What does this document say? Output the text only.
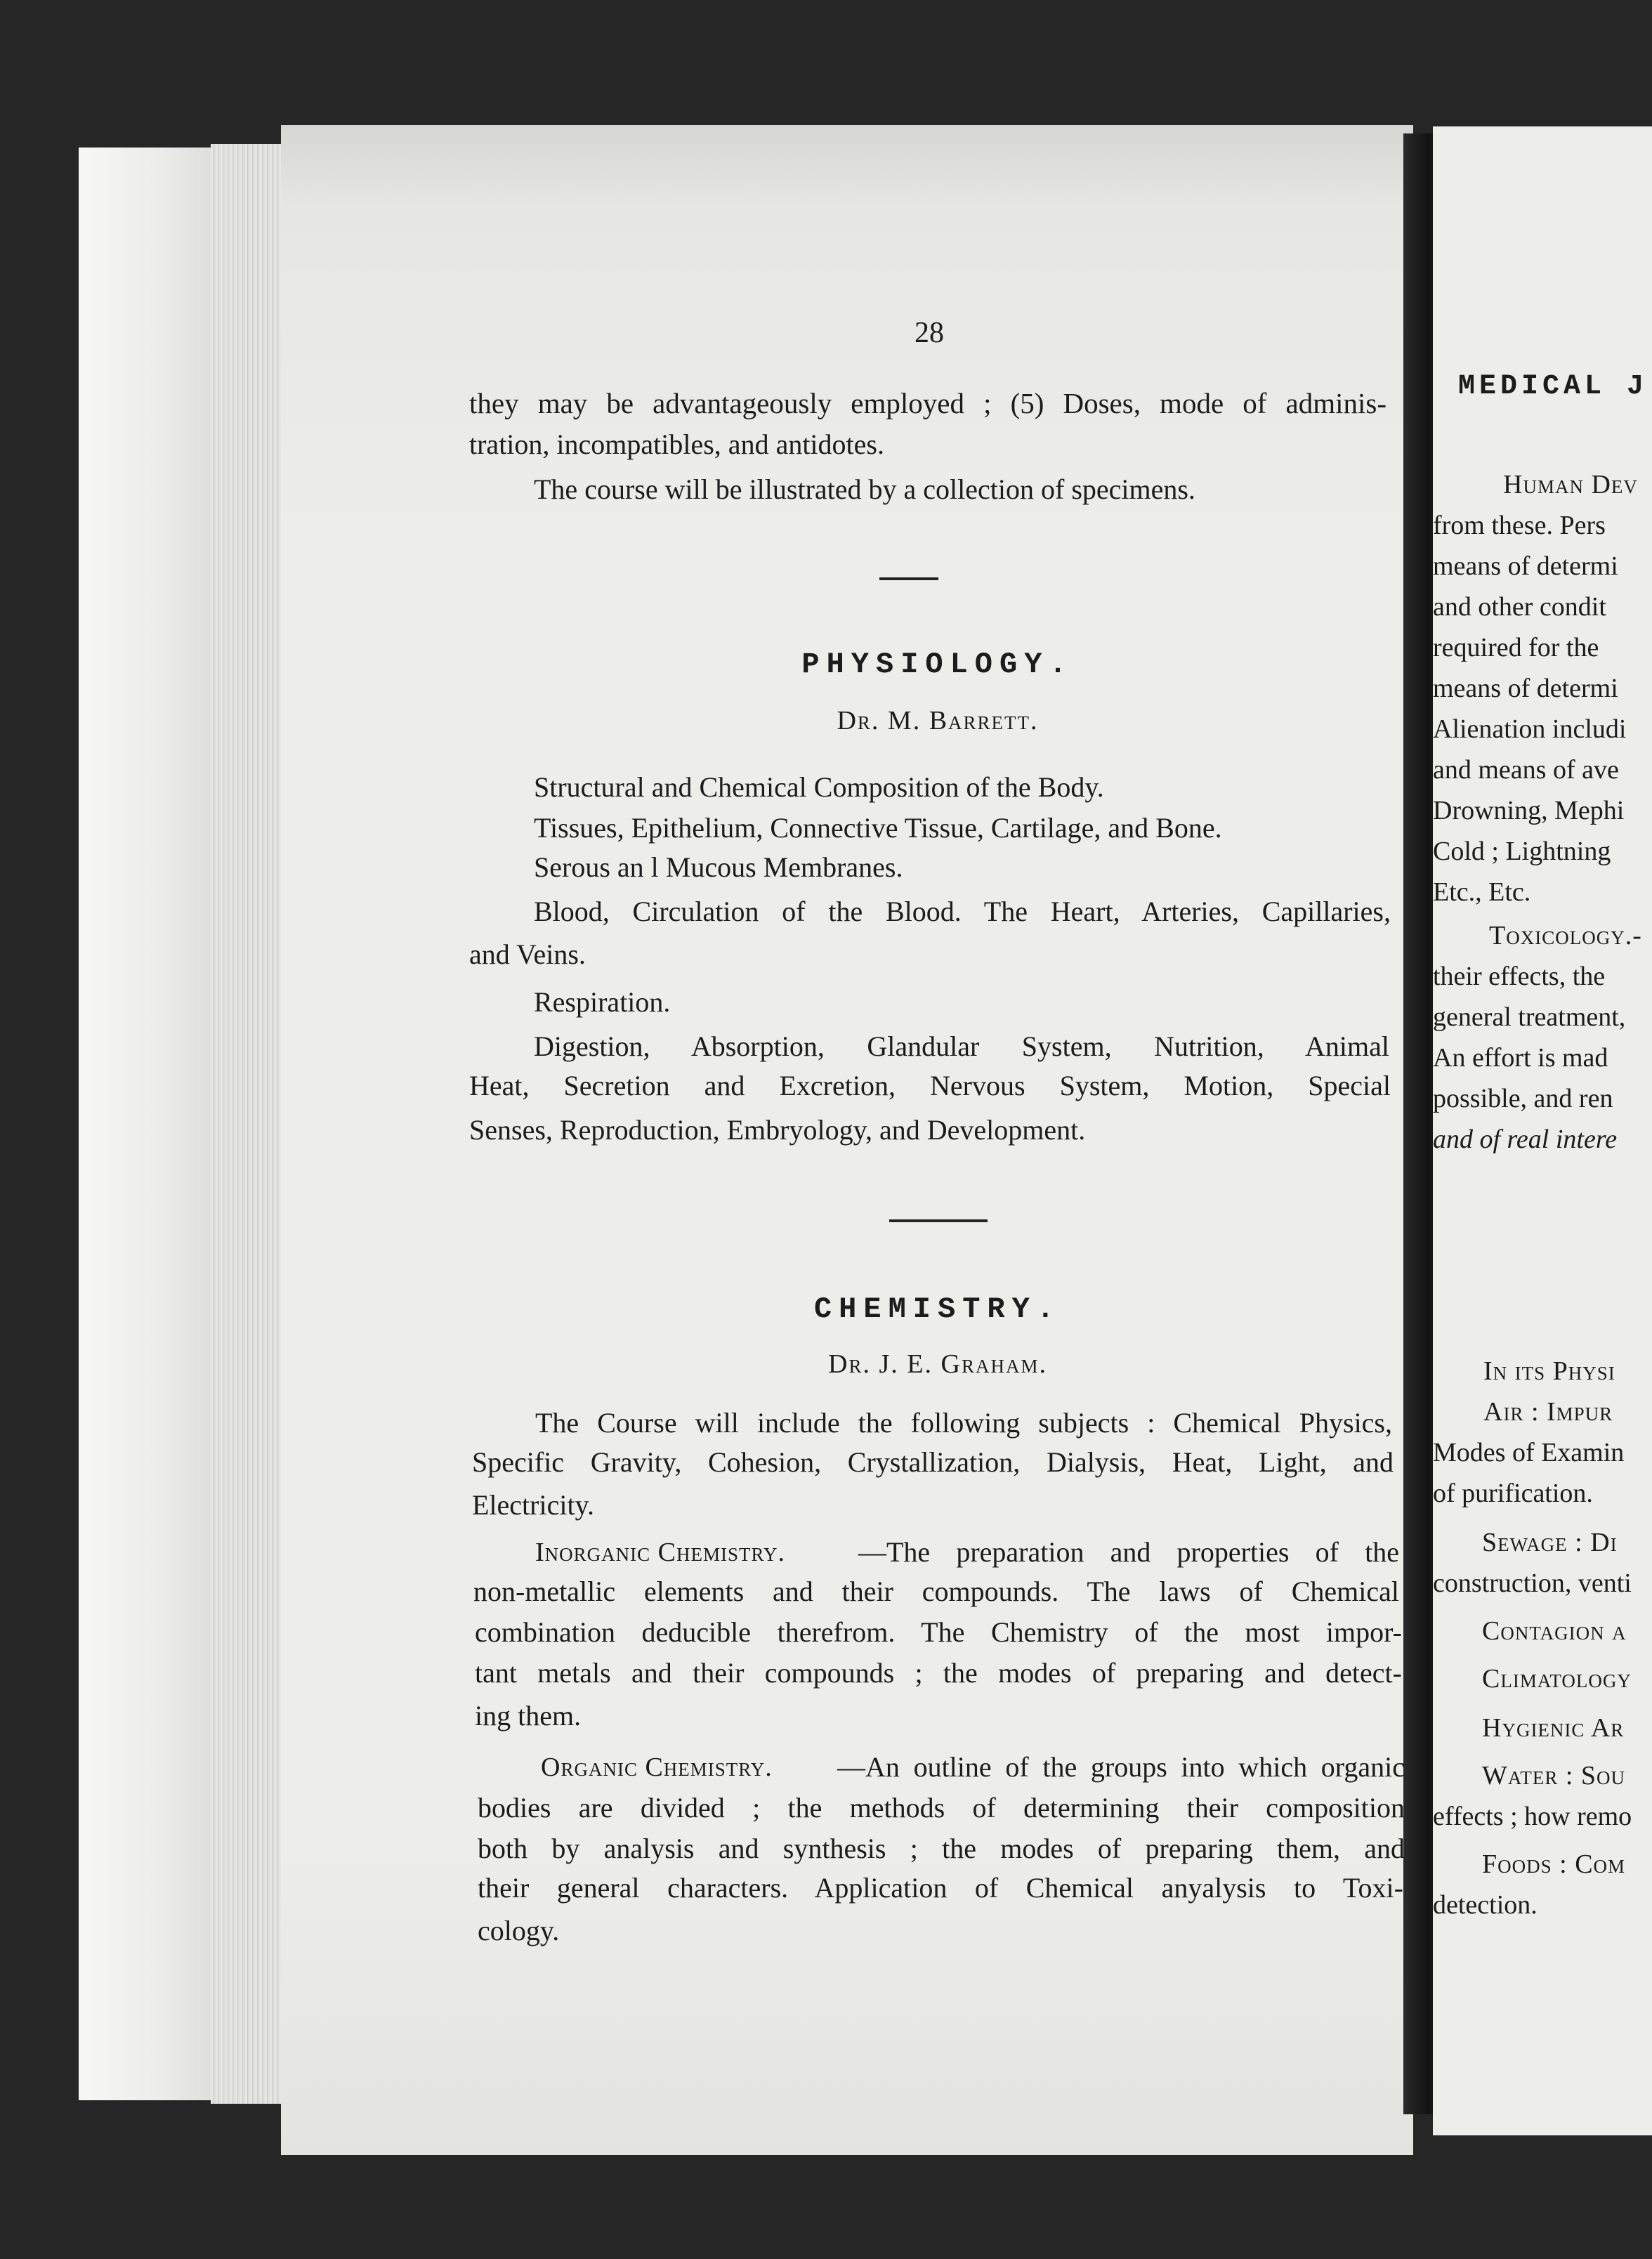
28
they may be advantageously employed ; (5) Doses, mode of adminis-
tration, incompatibles, and antidotes.
The course will be illustrated by a collection of specimens.
PHYSIOLOGY.
Dr. M. Barrett.
Structural and Chemical Composition of the Body.
Tissues, Epithelium, Connective Tissue, Cartilage, and Bone.
Serous an l Mucous Membranes.
Blood, Circulation of the Blood. The Heart, Arteries, Capillaries,
and Veins.
Respiration.
Digestion, Absorption, Glandular System, Nutrition, Animal
Heat, Secretion and Excretion, Nervous System, Motion, Special
Senses, Reproduction, Embryology, and Development.
CHEMISTRY.
Dr. J. E. Graham.
The Course will include the following subjects : Chemical Physics,
Specific Gravity, Cohesion, Crystallization, Dialysis, Heat, Light, and
Electricity.
Inorganic Chemistry.	—The preparation and properties of the
non-metallic elements and their compounds. The laws of Chemical
combination deducible therefrom. The Chemistry of the most impor-
tant metals and their compounds ; the modes of preparing and detect-
ing them.
Organic Chemistry. —An outline of the groups into which organic
bodies are divided ; the methods of determining their composition
both by analysis and synthesis ; the modes of preparing them, and
their general characters. Application of Chemical anyalysis to Toxi-
cology.
MEDICAL J
Human Dev
from these. Pers
means of determi
and other condit
required for the
means of determi
Alienation includi
and means of ave
Drowning, Mephi
Cold ; Lightning
Etc., Etc.
Toxicology.-
their effects, the
general treatment,
An effort is mad
possible, and ren
and of real intere
In its Physi
Air : Impur
Modes of Examin
of purification.
Sewage : Di
construction, venti
Contagion a
Climatology
Hygienic Ar
Water : Sou
effects ; how remo
Foods : Com
detection.
